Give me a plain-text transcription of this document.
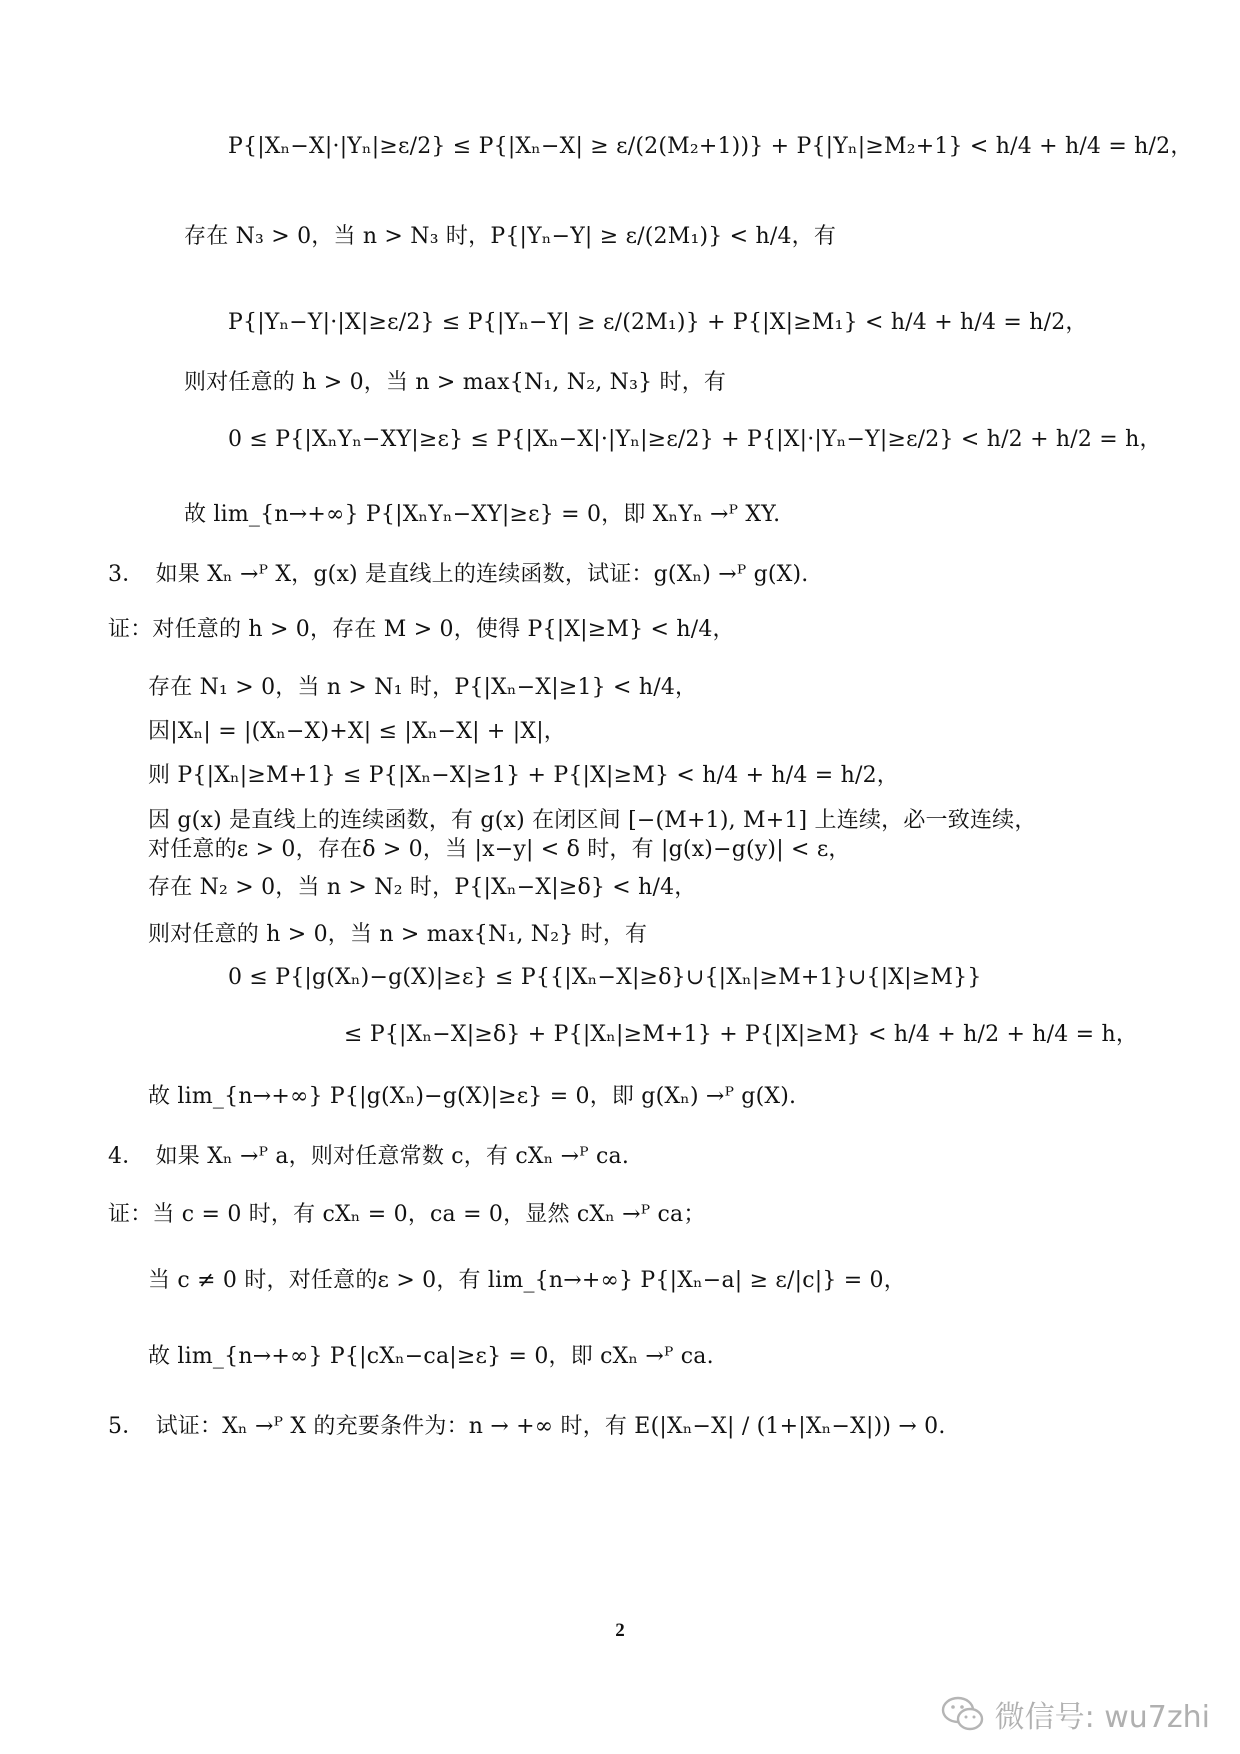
P{|Xₙ−X|·|Yₙ|≥ε/2} ≤ P{|Xₙ−X| ≥ ε/(2(M₂+1))} + P{|Yₙ|≥M₂+1} < h/4 + h/4 = h/2，
存在 N₃ > 0，当 n > N₃ 时，P{|Yₙ−Y| ≥ ε/(2M₁)} < h/4，有
P{|Yₙ−Y|·|X|≥ε/2} ≤ P{|Yₙ−Y| ≥ ε/(2M₁)} + P{|X|≥M₁} < h/4 + h/4 = h/2，
则对任意的 h > 0，当 n > max{N₁, N₂, N₃} 时，有
0 ≤ P{|XₙYₙ−XY|≥ε} ≤ P{|Xₙ−X|·|Yₙ|≥ε/2} + P{|X|·|Yₙ−Y|≥ε/2} < h/2 + h/2 = h，
故 lim_{n→+∞} P{|XₙYₙ−XY|≥ε} = 0，即 XₙYₙ →ᴾ XY.
3．　如果 Xₙ →ᴾ X，g(x) 是直线上的连续函数，试证：g(Xₙ) →ᴾ g(X).
证：对任意的 h > 0，存在 M > 0，使得 P{|X|≥M} < h/4，
存在 N₁ > 0，当 n > N₁ 时，P{|Xₙ−X|≥1} < h/4，
因|Xₙ| = |(Xₙ−X)+X| ≤ |Xₙ−X| + |X|，
则 P{|Xₙ|≥M+1} ≤ P{|Xₙ−X|≥1} + P{|X|≥M} < h/4 + h/4 = h/2，
因 g(x) 是直线上的连续函数，有 g(x) 在闭区间 [−(M+1), M+1] 上连续，必一致连续，
对任意的ε > 0，存在δ > 0，当 |x−y| < δ 时，有 |g(x)−g(y)| < ε，
存在 N₂ > 0，当 n > N₂ 时，P{|Xₙ−X|≥δ} < h/4，
则对任意的 h > 0，当 n > max{N₁, N₂} 时，有
0 ≤ P{|g(Xₙ)−g(X)|≥ε} ≤ P{{|Xₙ−X|≥δ}∪{|Xₙ|≥M+1}∪{|X|≥M}}
≤ P{|Xₙ−X|≥δ} + P{|Xₙ|≥M+1} + P{|X|≥M} < h/4 + h/2 + h/4 = h，
故 lim_{n→+∞} P{|g(Xₙ)−g(X)|≥ε} = 0，即 g(Xₙ) →ᴾ g(X).
4．　如果 Xₙ →ᴾ a，则对任意常数 c，有 cXₙ →ᴾ ca.
证：当 c = 0 时，有 cXₙ = 0，ca = 0，显然 cXₙ →ᴾ ca；
当 c ≠ 0 时，对任意的ε > 0，有 lim_{n→+∞} P{|Xₙ−a| ≥ ε/|c|} = 0，
故 lim_{n→+∞} P{|cXₙ−ca|≥ε} = 0，即 cXₙ →ᴾ ca.
5．　试证：Xₙ →ᴾ X 的充要条件为：n → +∞ 时，有 E(|Xₙ−X| / (1+|Xₙ−X|)) → 0.
2
微信号: wu7zhi
